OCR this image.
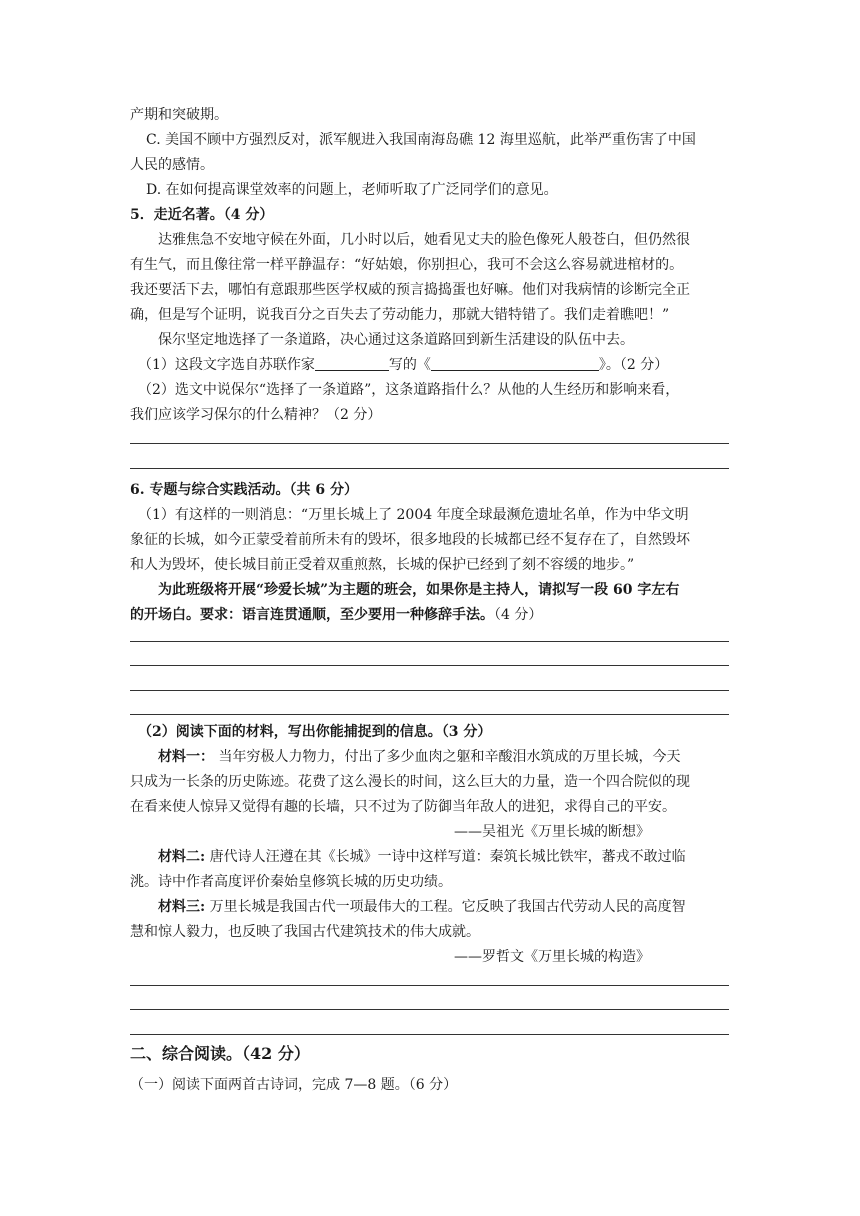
产期和突破期。
C. 美国不顾中方强烈反对，派军舰进入我国南海岛礁 12 海里巡航，此举严重伤害了中国
人民的感情。
D. 在如何提高课堂效率的问题上，老师听取了广泛同学们的意见。
5．走近名著。（4 分）
达雅焦急不安地守候在外面，几小时以后，她看见丈夫的脸色像死人般苍白，但仍然很
有生气，而且像往常一样平静温存：“好姑娘，你别担心，我可不会这么容易就进棺材的。
我还要活下去，哪怕有意跟那些医学权威的预言捣捣蛋也好嘛。他们对我病情的诊断完全正
确，但是写个证明，说我百分之百失去了劳动能力，那就大错特错了。我们走着瞧吧！”
保尔坚定地选择了一条道路，决心通过这条道路回到新生活建设的队伍中去。
（1）这段文字选自苏联作家	写的《	》。（2 分）
（2）选文中说保尔“选择了一条道路”，这条道路指什么？从他的人生经历和影响来看，
我们应该学习保尔的什么精神？（2 分）
6. 专题与综合实践活动。（共 6 分）
（1）有这样的一则消息：“万里长城上了 2004 年度全球最濒危遗址名单，作为中华文明
象征的长城，如今正蒙受着前所未有的毁坏，很多地段的长城都已经不复存在了，自然毁坏
和人为毁坏，使长城目前正受着双重煎熬，长城的保护已经到了刻不容缓的地步。”
为此班级将开展“珍爱长城”为主题的班会，如果你是主持人，请拟写一段 60 字左右
的开场白。要求：语言连贯通顺，至少要用一种修辞手法。（4 分）
（2）阅读下面的材料，写出你能捕捉到的信息。（3 分）
材料一： 当年穷极人力物力，付出了多少血肉之躯和辛酸泪水筑成的万里长城，今天
只成为一长条的历史陈迹。花费了这么漫长的时间，这么巨大的力量，造一个四合院似的现
在看来使人惊异又觉得有趣的长墙，只不过为了防御当年敌人的进犯，求得自己的平安。
——吴祖光《万里长城的断想》
材料二: 唐代诗人汪遵在其《长城》一诗中这样写道：秦筑长城比铁牢，蕃戎不敢过临
洮。诗中作者高度评价秦始皇修筑长城的历史功绩。
材料三: 万里长城是我国古代一项最伟大的工程。它反映了我国古代劳动人民的高度智
慧和惊人毅力，也反映了我国古代建筑技术的伟大成就。
——罗哲文《万里长城的构造》
二、综合阅读。（42 分）
（一）阅读下面两首古诗词，完成 7—8 题。（6 分）
